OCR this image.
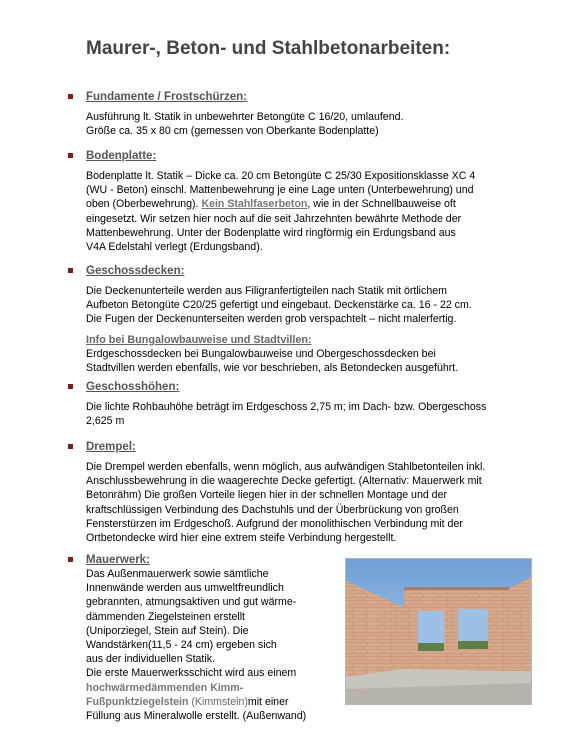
Maurer-, Beton- und Stahlbetonarbeiten:

Fundamente / Frostschürzen:

Ausführung lt. Statik in unbewehrter Betongüte C 16/20, umlaufend.
Größe ca. 35 x 80 cm (gemessen von Oberkante Bodenplatte)

Bodenplatte:

Bodenplatte lt. Statik – Dicke ca. 20 cm Betongüte C 25/30 Expositionsklasse XC 4
(WU - Beton) einschl. Mattenbewehrung je eine Lage unten (Unterbewehrung) und
oben (Oberbewehrung). Kein Stahlfaserbeton, wie in der Schnellbauweise oft
eingesetzt. Wir setzen hier noch auf die seit Jahrzehnten bewährte Methode der
Mattenbewehrung. Unter der Bodenplatte wird ringförmig ein Erdungsband aus
V4A Edelstahl verlegt (Erdungsband).

Geschossdecken:

Die Deckenunterteile werden aus Filigranfertigteilen nach Statik mit örtlichem
Aufbeton Betongüte C20/25 gefertigt und eingebaut. Deckenstärke ca. 16 - 22 cm.
Die Fugen der Deckenunterseiten werden grob verspachtelt – nicht malerfertig.

Info bei Bungalowbauweise und Stadtvillen:

Erdgeschossdecken bei Bungalowbauweise und Obergeschossdecken bei
Stadtvillen werden ebenfalls, wie vor beschrieben, als Betondecken ausgeführt.

Geschosshöhen:

Die lichte Rohbauhöhe beträgt im Erdgeschoss 2,75 m; im Dach- bzw. Obergeschoss
2,625 m

Drempel:

Die Drempel werden ebenfalls, wenn möglich, aus aufwändigen Stahlbetonteilen inkl.
Anschlussbewehrung in die waagerechte Decke gefertigt. (Alternativ: Mauerwerk mit
Betonrähm) Die großen Vorteile liegen hier in der schnellen Montage und der
kraftschlüssigen Verbindung des Dachstuhls und der Überbrückung von großen
Fensterstürzen im Erdgeschoß. Aufgrund der monolithischen Verbindung mit der
Ortbetondecke wird hier eine extrem steife Verbindung hergestellt.

Mauerwerk:

Das Außenmauerwerk sowie sämtliche
Innenwände werden aus umweltfreundlich
gebrannten, atmungsaktiven und gut wärme-
dämmenden Ziegelsteinen erstellt
(Uniporziegel, Stein auf Stein). Die
Wandstärken(11,5 - 24 cm) ergeben sich
aus der individuellen Statik.
Die erste Mauerwerksschicht wird aus einem
hochwärmedämmenden Kimm-
Fußpunktziegelstein (Kimmstein)mit einer
Füllung aus Mineralwolle erstellt. (Außenwand)
